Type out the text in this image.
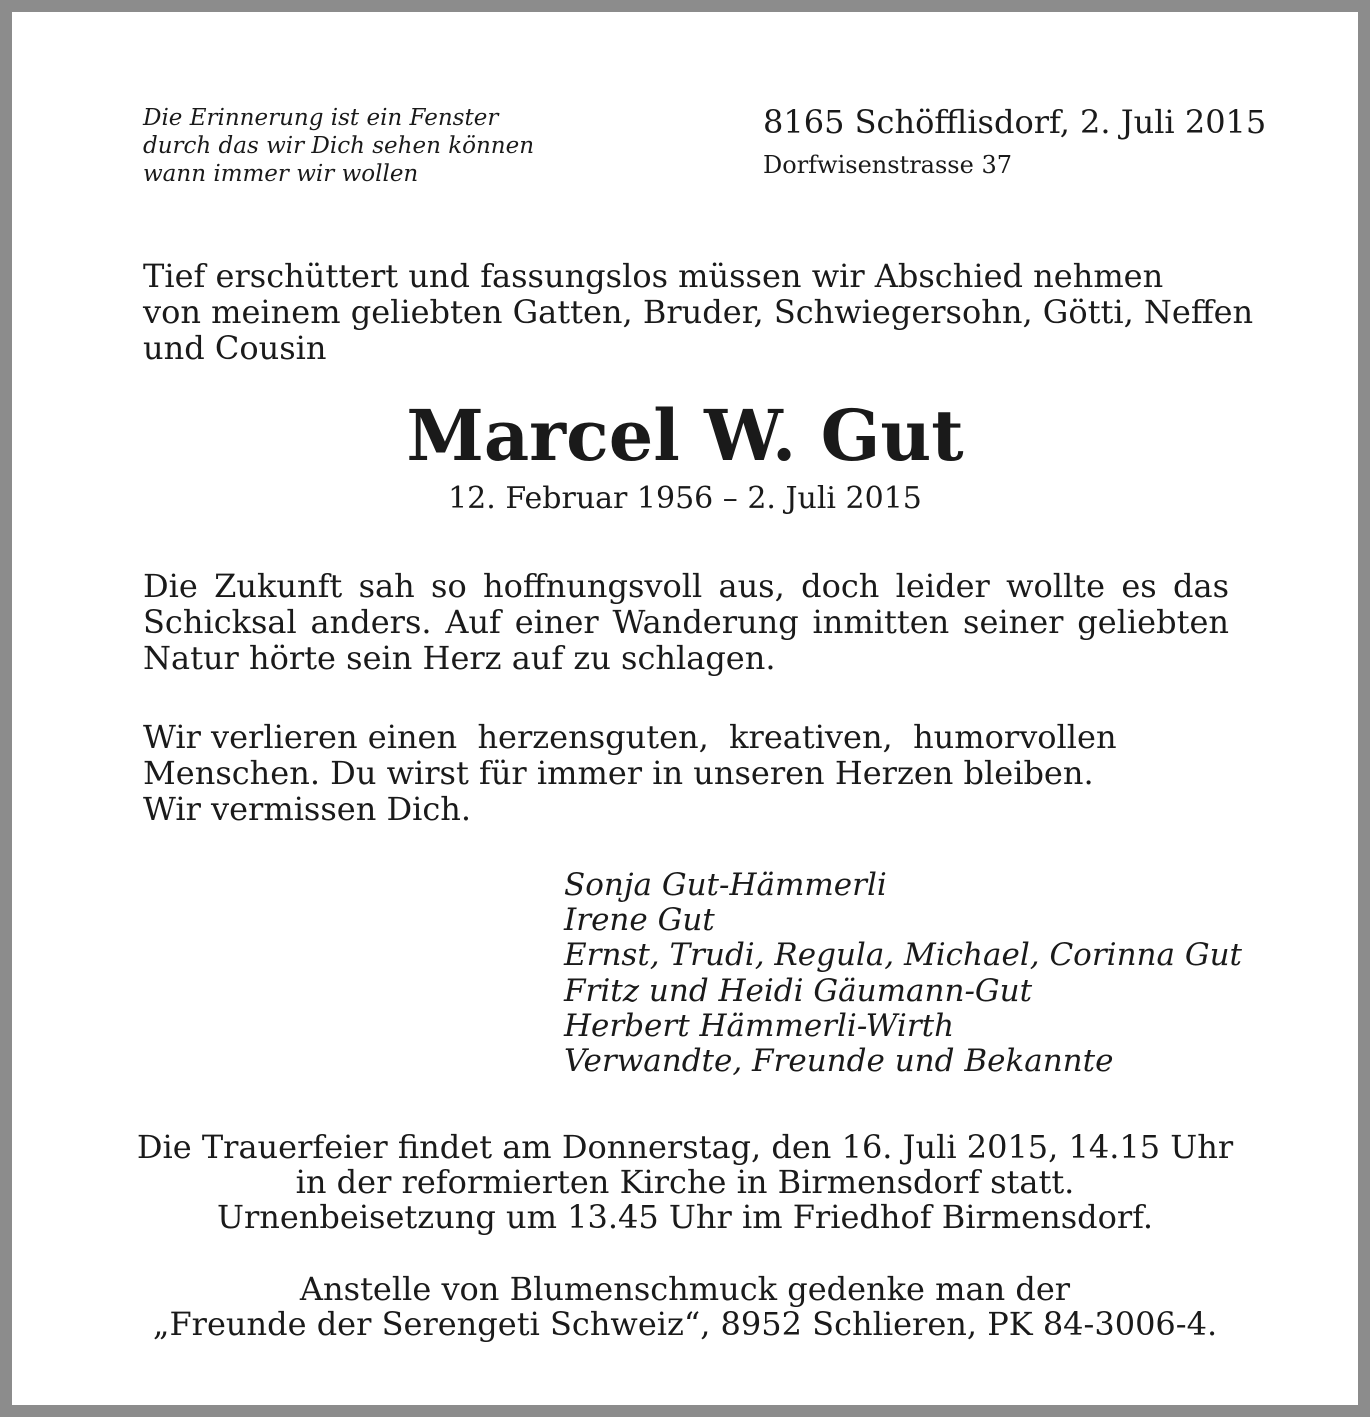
Die Erinnerung ist ein Fenster
durch das wir Dich sehen können
wann immer wir wollen
8165 Schöfflisdorf, 2. Juli 2015
Dorfwisenstrasse 37
Tief erschüttert und fassungslos müssen wir Abschied nehmen
von meinem geliebten Gatten, Bruder, Schwiegersohn, Götti, Neffen
und Cousin
Marcel W. Gut
12. Februar 1956 – 2. Juli 2015
Die Zukunft sah so hoffnungsvoll aus, doch leider wollte es das Schicksal anders. Auf einer Wanderung inmitten seiner geliebten Natur hörte sein Herz auf zu schlagen.
Wir verlieren einen  herzensguten,  kreativen,  humorvollen
Menschen. Du wirst für immer in unseren Herzen bleiben.
Wir vermissen Dich.
Sonja Gut-Hämmerli
Irene Gut
Ernst, Trudi, Regula, Michael, Corinna Gut
Fritz und Heidi Gäumann-Gut
Herbert Hämmerli-Wirth
Verwandte, Freunde und Bekannte
Die Trauerfeier findet am Donnerstag, den 16. Juli 2015, 14.15 Uhr
in der reformierten Kirche in Birmensdorf statt.
Urnenbeisetzung um 13.45 Uhr im Friedhof Birmensdorf.
Anstelle von Blumenschmuck gedenke man der
„Freunde der Serengeti Schweiz“, 8952 Schlieren, PK 84-3006-4.
